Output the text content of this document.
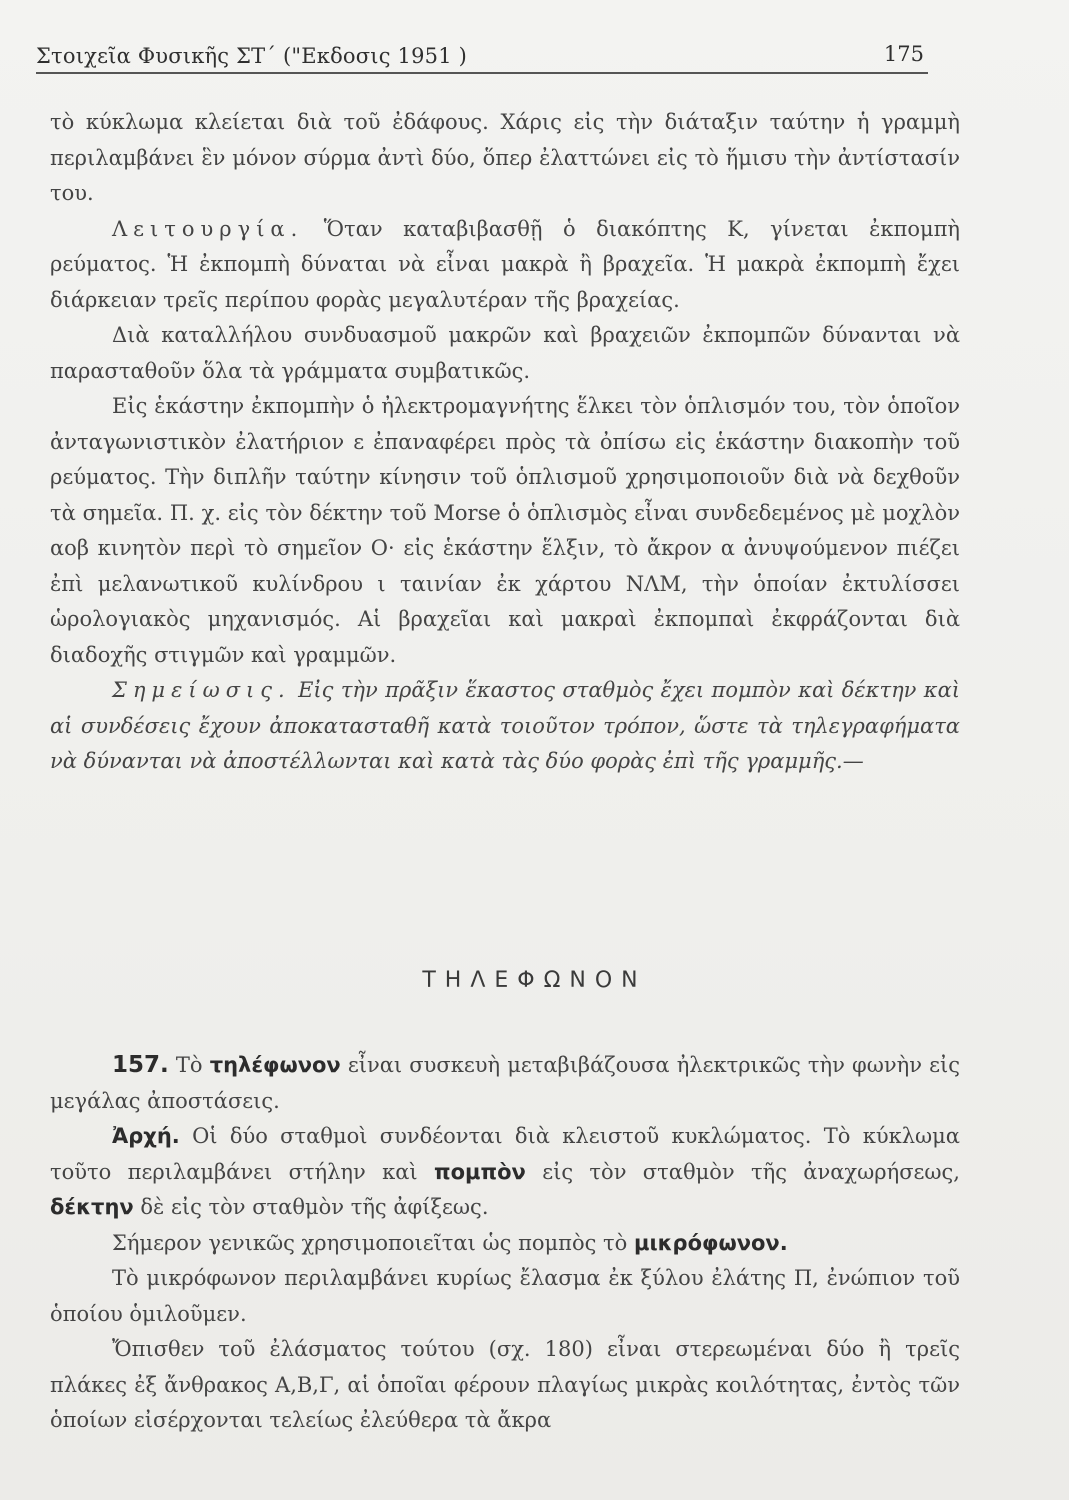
Στοιχεῖα Φυσικῆς ΣΤ΄ ("Εκδοσις 1951 )	175

τὸ κύκλωμα κλείεται διὰ τοῦ ἐδάφους. Χάρις εἰς τὴν διάταξιν ταύτην ἡ γραμμὴ περιλαμβάνει ἓν μόνον σύρμα ἀντὶ δύο, ὅπερ ἐλαττώνει εἰς τὸ ἥμισυ τὴν ἀντίστασίν του.

Λειτουργία. Ὅταν καταβιβασθῇ ὁ διακόπτης Κ, γίνεται ἐκπομπὴ ρεύματος. Ἡ ἐκπομπὴ δύναται νὰ εἶναι μακρὰ ἢ βραχεῖα. Ἡ μακρὰ ἐκπομπὴ ἔχει διάρκειαν τρεῖς περίπου φορὰς μεγαλυτέραν τῆς βραχείας.

Διὰ καταλλήλου συνδυασμοῦ μακρῶν καὶ βραχειῶν ἐκπομπῶν δύνανται νὰ παρασταθοῦν ὅλα τὰ γράμματα συμβατικῶς.

Εἰς ἑκάστην ἐκπομπὴν ὁ ἠλεκτρομαγνήτης ἕλκει τὸν ὁπλισμόν του, τὸν ὁποῖον ἀνταγωνιστικὸν ἐλατήριον ε ἐπαναφέρει πρὸς τὰ ὀπίσω εἰς ἑκάστην διακοπὴν τοῦ ρεύματος. Τὴν διπλῆν ταύτην κίνησιν τοῦ ὁπλισμοῦ χρησιμοποιοῦν διὰ νὰ δεχθοῦν τὰ σημεῖα. Π. χ. εἰς τὸν δέκτην τοῦ Morse ὁ ὁπλισμὸς εἶναι συνδεδεμένος μὲ μοχλὸν αοβ κινητὸν περὶ τὸ σημεῖον Ο· εἰς ἑκάστην ἕλξιν, τὸ ἄκρον α ἀνυψούμενον πιέζει ἐπὶ μελανωτικοῦ κυλίνδρου ι ταινίαν ἐκ χάρτου ΝΛΜ, τὴν ὁποίαν ἐκτυλίσσει ὡρολογιακὸς μηχανισμός. Αἱ βραχεῖαι καὶ μακραὶ ἐκπομπαὶ ἐκφράζονται διὰ διαδοχῆς στιγμῶν καὶ γραμμῶν.

Σημείωσις. Εἰς τὴν πρᾶξιν ἕκαστος σταθμὸς ἔχει πομπὸν καὶ δέκτην καὶ αἱ συνδέσεις ἔχουν ἀποκατασταθῆ κατὰ τοιοῦτον τρόπον, ὥστε τὰ τηλεγραφήματα νὰ δύνανται νὰ ἀποστέλλωνται καὶ κατὰ τὰς δύο φορὰς ἐπὶ τῆς γραμμῆς.—

ΤΗΛΕΦΩΝΟΝ

157. Τὸ τηλέφωνον εἶναι συσκευὴ μεταβιβάζουσα ἠλεκτρικῶς τὴν φωνὴν εἰς μεγάλας ἀποστάσεις.

Ἀρχή. Οἱ δύο σταθμοὶ συνδέονται διὰ κλειστοῦ κυκλώματος. Τὸ κύκλωμα τοῦτο περιλαμβάνει στήλην καὶ πομπὸν εἰς τὸν σταθμὸν τῆς ἀναχωρήσεως, δέκτην δὲ εἰς τὸν σταθμὸν τῆς ἀφίξεως.

Σήμερον γενικῶς χρησιμοποιεῖται ὡς πομπὸς τὸ μικρόφωνον.

Τὸ μικρόφωνον περιλαμβάνει κυρίως ἔλασμα ἐκ ξύλου ἐλάτης Π, ἐνώπιον τοῦ ὁποίου ὁμιλοῦμεν.

Ὄπισθεν τοῦ ἐλάσματος τούτου (σχ. 180) εἶναι στερεωμέναι δύο ἢ τρεῖς πλάκες ἐξ ἄνθρακος Α,Β,Γ, αἱ ὁποῖαι φέρουν πλαγίως μικρὰς κοιλότητας, ἐντὸς τῶν ὁποίων εἰσέρχονται τελείως ἐλεύθερα τὰ ἄκρα
